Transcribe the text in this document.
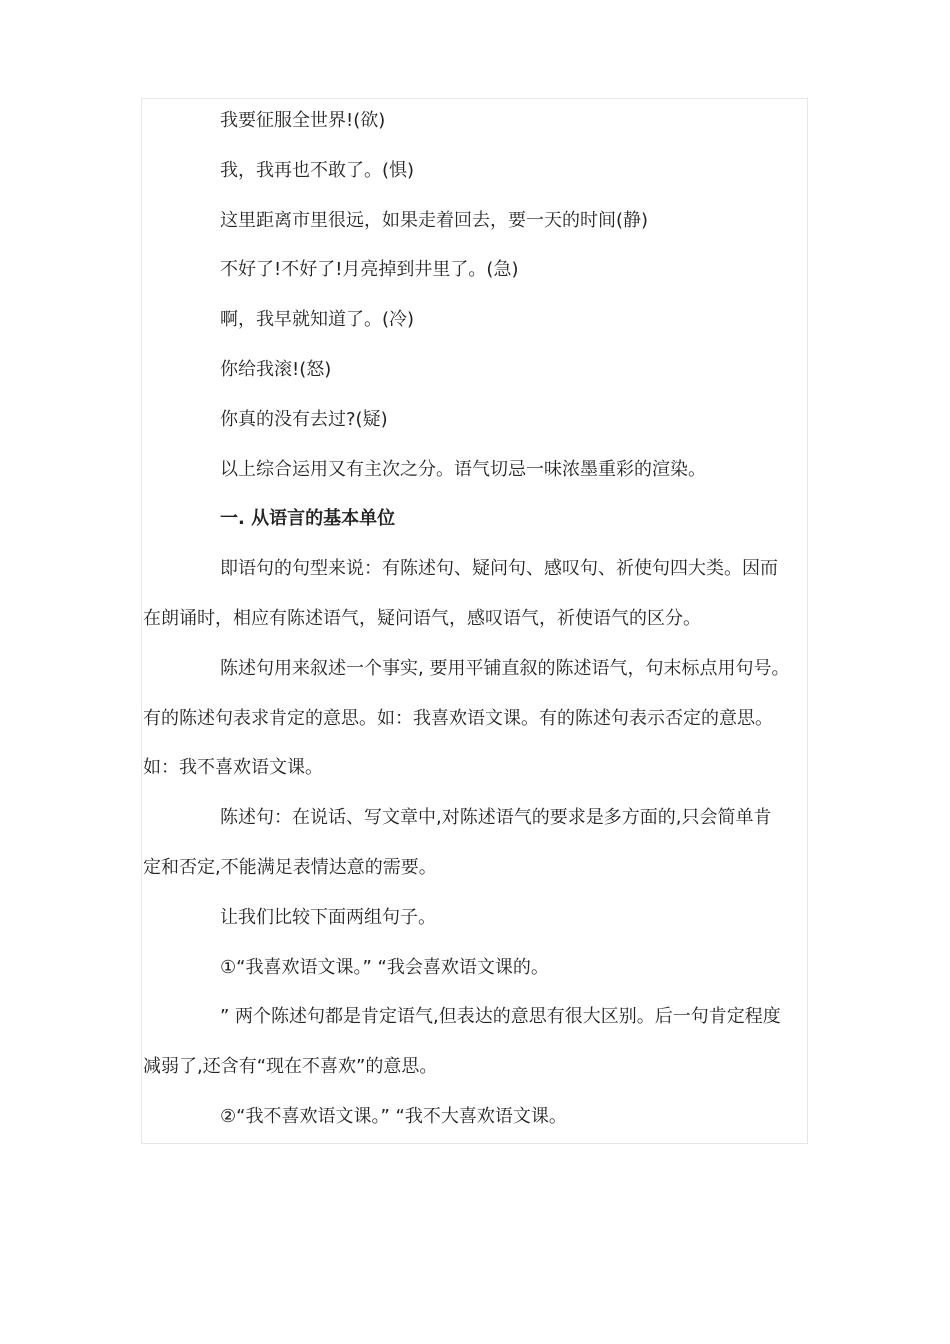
我要征服全世界!(欲)
我，我再也不敢了。(惧)
这里距离市里很远，如果走着回去，要一天的时间(静)
不好了!不好了!月亮掉到井里了。(急)
啊，我早就知道了。(冷)
你给我滚!(怒)
你真的没有去过?(疑)
以上综合运用又有主次之分。语气切忌一味浓墨重彩的渲染。
一. 从语言的基本单位
即语句的句型来说：有陈述句、疑问句、感叹句、祈使句四大类。因而
在朗诵时，相应有陈述语气，疑问语气，感叹语气，祈使语气的区分。
陈述句用来叙述一个事实, 要用平铺直叙的陈述语气，句末标点用句号。
有的陈述句表求肯定的意思。如：我喜欢语文课。有的陈述句表示否定的意思。
如：我不喜欢语文课。
陈述句：在说话、写文章中,对陈述语气的要求是多方面的,只会简单肯
定和否定,不能满足表情达意的需要。
让我们比较下面两组句子。
①“我喜欢语文课。” “我会喜欢语文课的。
” 两个陈述句都是肯定语气,但表达的意思有很大区别。后一句肯定程度
减弱了,还含有“现在不喜欢”的意思。
②“我不喜欢语文课。” “我不大喜欢语文课。
